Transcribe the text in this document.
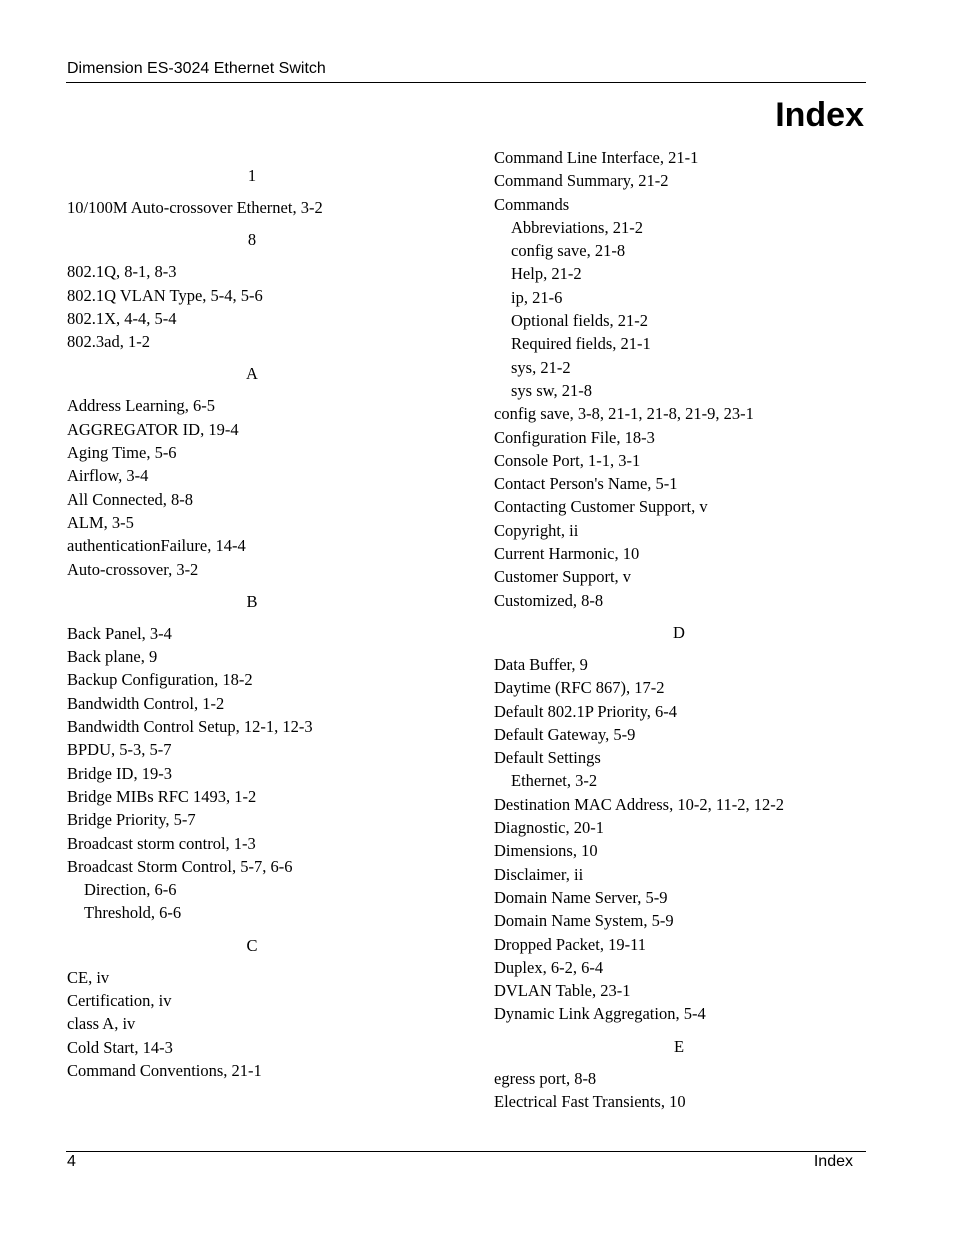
Dimension ES-3024 Ethernet Switch
Index
1
10/100M Auto-crossover Ethernet, 3-2
8
802.1Q, 8-1, 8-3
802.1Q VLAN Type, 5-4, 5-6
802.1X, 4-4, 5-4
802.3ad, 1-2
A
Address Learning, 6-5
AGGREGATOR ID, 19-4
Aging Time, 5-6
Airflow, 3-4
All Connected, 8-8
ALM, 3-5
authenticationFailure, 14-4
Auto-crossover, 3-2
B
Back Panel, 3-4
Back plane, 9
Backup Configuration, 18-2
Bandwidth Control, 1-2
Bandwidth Control Setup, 12-1, 12-3
BPDU, 5-3, 5-7
Bridge ID, 19-3
Bridge MIBs RFC 1493, 1-2
Bridge Priority, 5-7
Broadcast storm control, 1-3
Broadcast Storm Control, 5-7, 6-6
Direction, 6-6
Threshold, 6-6
C
CE, iv
Certification, iv
class A, iv
Cold Start, 14-3
Command Conventions, 21-1
Command Line Interface, 21-1
Command Summary, 21-2
Commands
Abbreviations, 21-2
config save, 21-8
Help, 21-2
ip, 21-6
Optional fields, 21-2
Required fields, 21-1
sys, 21-2
sys sw, 21-8
config save, 3-8, 21-1, 21-8, 21-9, 23-1
Configuration File, 18-3
Console Port, 1-1, 3-1
Contact Person's Name, 5-1
Contacting Customer Support, v
Copyright, ii
Current Harmonic, 10
Customer Support, v
Customized, 8-8
D
Data Buffer, 9
Daytime (RFC 867), 17-2
Default 802.1P Priority, 6-4
Default Gateway, 5-9
Default Settings
Ethernet, 3-2
Destination MAC Address, 10-2, 11-2, 12-2
Diagnostic, 20-1
Dimensions, 10
Disclaimer, ii
Domain Name Server, 5-9
Domain Name System, 5-9
Dropped Packet, 19-11
Duplex, 6-2, 6-4
DVLAN Table, 23-1
Dynamic Link Aggregation, 5-4
E
egress port, 8-8
Electrical Fast Transients, 10
4	Index
